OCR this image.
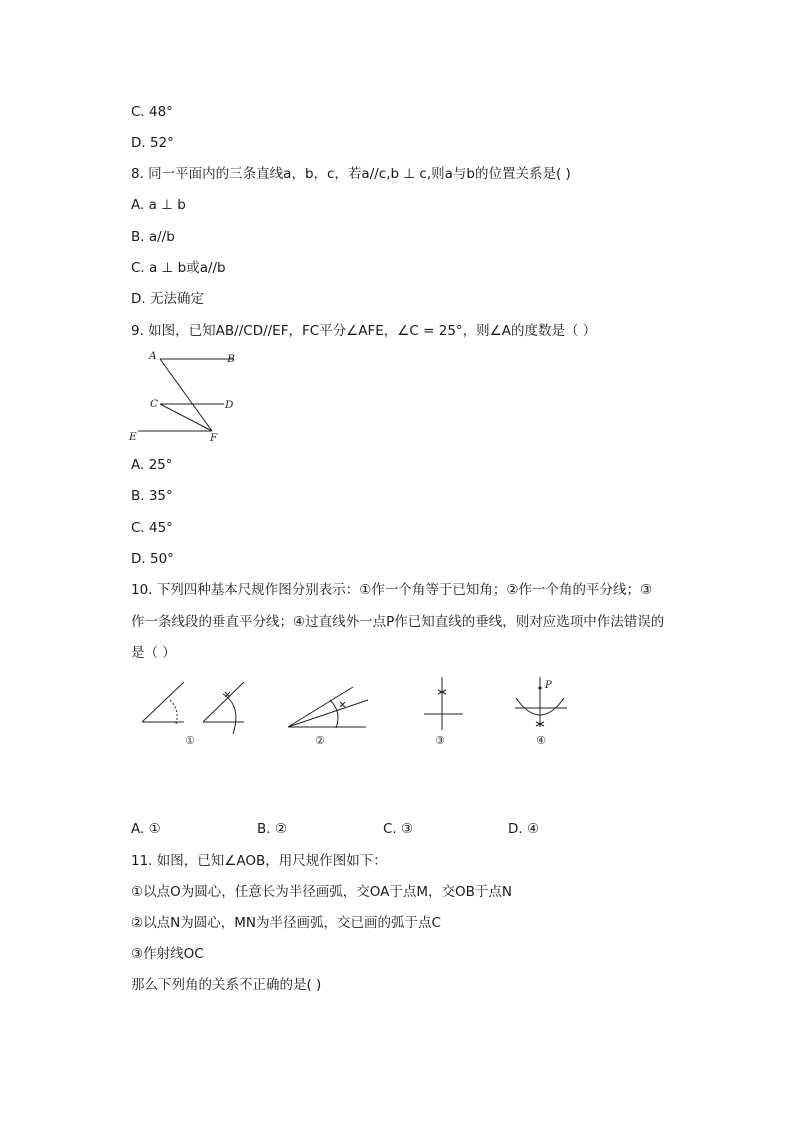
C. 48°
D. 52°
8. 同一平面内的三条直线a，b，c，若a//c,b ⊥ c,则a与b的位置关系是( )
A. a ⊥ b
B. a//b
C. a ⊥ b或a//b
D. 无法确定
9. 如图，已知AB//CD//EF，FC平分∠AFE，∠C = 25°，则∠A的度数是（ ）
A	B
C	D
E	F
A. 25°
B. 35°
C. 45°
D. 50°
10. 下列四种基本尺规作图分别表示：①作一个角等于已知角；②作一个角的平分线；③
作一条线段的垂直平分线；④过直线外一点P作已知直线的垂线，则对应选项中作法错误的
是（ ）
P
①	②	③	④
A. ①	B. ②	C. ③	D. ④
11. 如图，已知∠AOB，用尺规作图如下：
①以点O为圆心，任意长为半径画弧，交OA于点M，交OB于点N
②以点N为圆心，MN为半径画弧，交已画的弧于点C
③作射线OC
那么下列角的关系不正确的是( )
